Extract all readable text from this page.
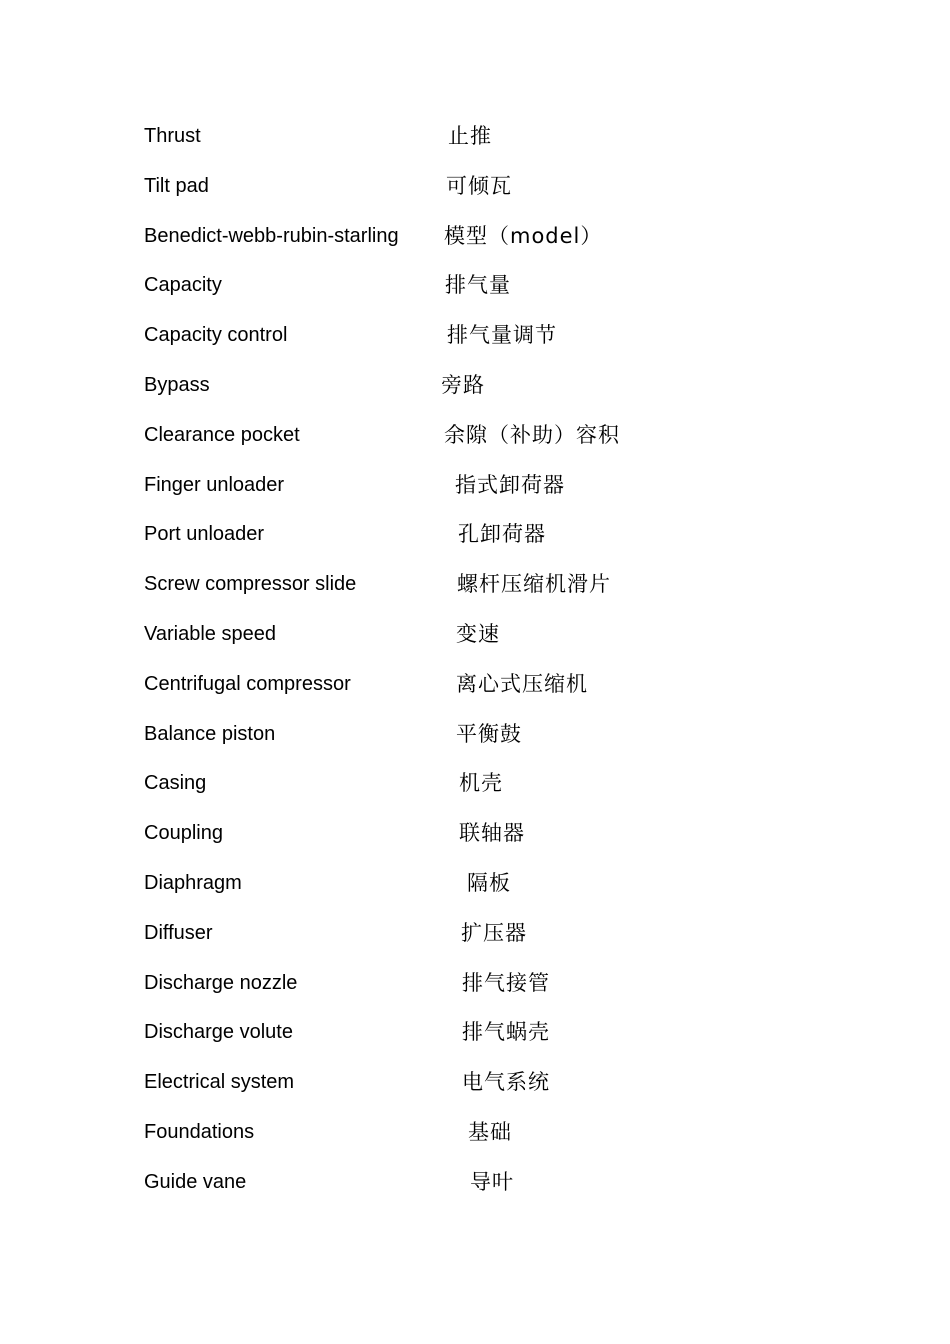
Thrust	止推
Tilt pad	可倾瓦
Benedict-webb-rubin-starling 模型（model）
Capacity	排气量
Capacity control	排气量调节
Bypass	旁路
Clearance pocket	余隙（补助）容积
Finger unloader	指式卸荷器
Port unloader	孔卸荷器
Screw compressor slide	螺杆压缩机滑片
Variable speed	变速
Centrifugal compressor	离心式压缩机
Balance piston	平衡鼓
Casing	机壳
Coupling	联轴器
Diaphragm	隔板
Diffuser	扩压器
Discharge nozzle	排气接管
Discharge volute	排气蜗壳
Electrical system	电气系统
Foundations	基础
Guide vane	导叶
